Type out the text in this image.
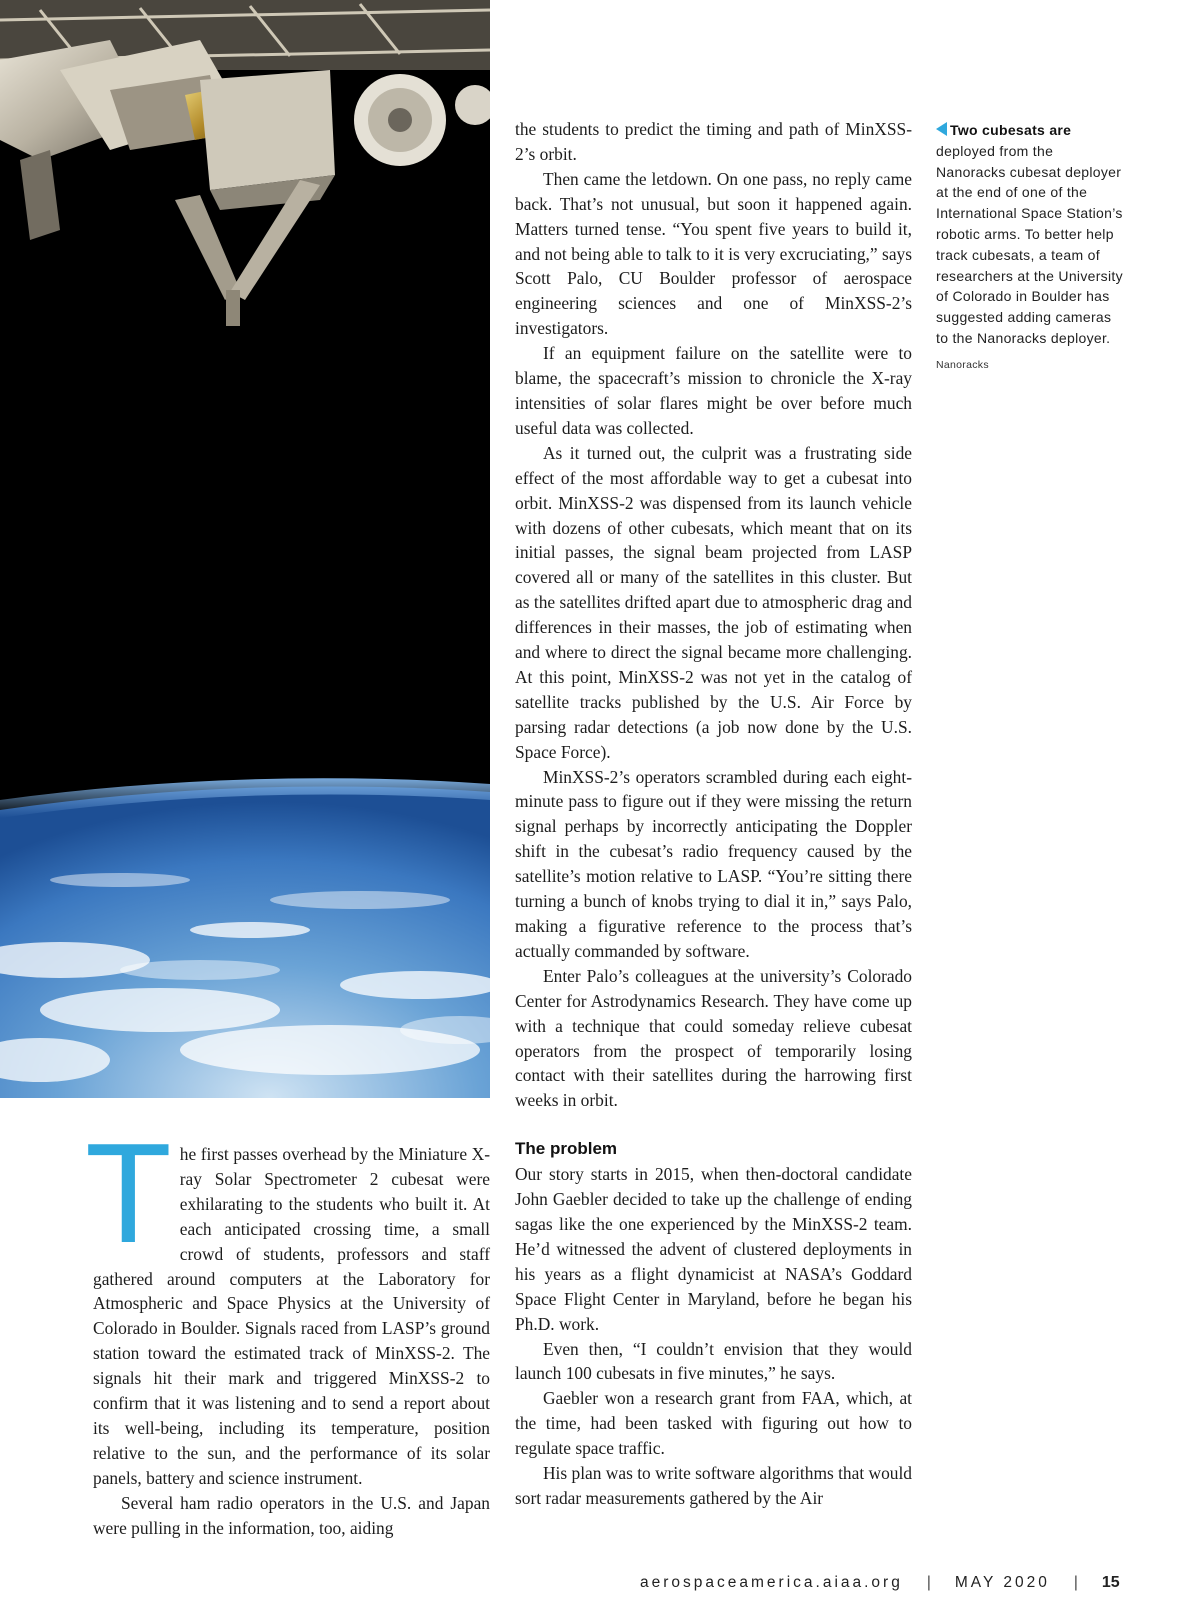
The first passes overhead by the Miniature X-ray Solar Spectrometer 2 cubesat were exhilarating to the students who built it. At each anticipated crossing time, a small crowd of students, professors and staff gathered around computers at the Laboratory for Atmospheric and Space Physics at the University of Colorado in Boulder. Signals raced from LASP’s ground station toward the estimated track of MinXSS-2. The signals hit their mark and triggered MinXSS-2 to confirm that it was listening and to send a report about its well-being, including its temperature, position relative to the sun, and the performance of its solar panels, battery and science instrument.

Several ham radio operators in the U.S. and Japan were pulling in the information, too, aiding

the students to predict the timing and path of MinXSS-2’s orbit.

Then came the letdown. On one pass, no reply came back. That’s not unusual, but soon it happened again. Matters turned tense. “You spent five years to build it, and not being able to talk to it is very excruciating,” says Scott Palo, CU Boulder professor of aerospace engineering sciences and one of MinXSS-2’s investigators.

If an equipment failure on the satellite were to blame, the spacecraft’s mission to chronicle the X-ray intensities of solar flares might be over before much useful data was collected.

As it turned out, the culprit was a frustrating side effect of the most affordable way to get a cubesat into orbit. MinXSS-2 was dispensed from its launch vehicle with dozens of other cubesats, which meant that on its initial passes, the signal beam projected from LASP covered all or many of the satellites in this cluster. But as the satellites drifted apart due to atmospheric drag and differences in their masses, the job of estimating when and where to direct the signal became more challenging. At this point, MinXSS-2 was not yet in the catalog of satellite tracks published by the U.S. Air Force by parsing radar detections (a job now done by the U.S. Space Force).

MinXSS-2’s operators scrambled during each eight-minute pass to figure out if they were missing the return signal perhaps by incorrectly anticipating the Doppler shift in the cubesat’s radio frequency caused by the satellite’s motion relative to LASP. “You’re sitting there turning a bunch of knobs trying to dial it in,” says Palo, making a figurative reference to the process that’s actually commanded by software.

Enter Palo’s colleagues at the university’s Colorado Center for Astrodynamics Research. They have come up with a technique that could someday relieve cubesat operators from the prospect of temporarily losing contact with their satellites during the harrowing first weeks in orbit.

The problem

Our story starts in 2015, when then-doctoral candidate John Gaebler decided to take up the challenge of ending sagas like the one experienced by the MinXSS-2 team. He’d witnessed the advent of clustered deployments in his years as a flight dynamicist at NASA’s Goddard Space Flight Center in Maryland, before he began his Ph.D. work.

Even then, “I couldn’t envision that they would launch 100 cubesats in five minutes,” he says.

Gaebler won a research grant from FAA, which, at the time, had been tasked with figuring out how to regulate space traffic.

His plan was to write software algorithms that would sort radar measurements gathered by the Air

Two cubesats are deployed from the Nanoracks cubesat deployer at the end of one of the International Space Station’s robotic arms. To better help track cubesats, a team of researchers at the University of Colorado in Boulder has suggested adding cameras to the Nanoracks deployer.
Nanoracks
aerospaceamerica.aiaa.org | MAY 2020 | 15
